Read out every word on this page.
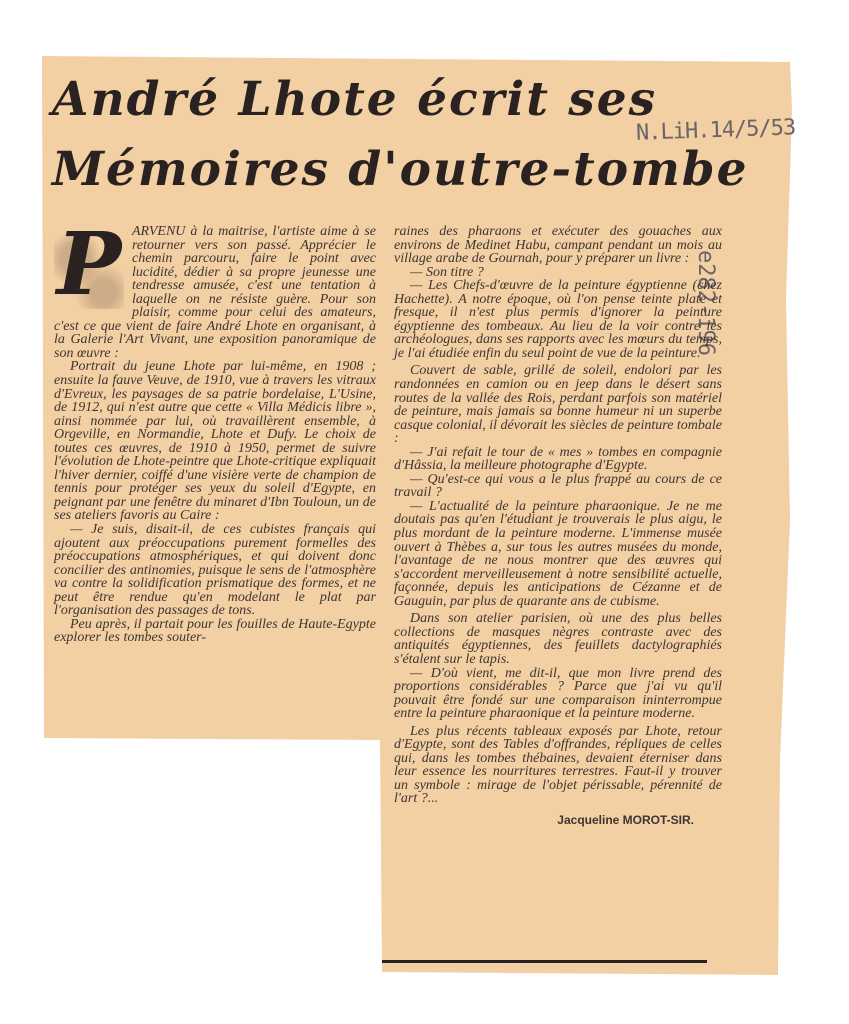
André Lhote écrit ses
Mémoires d'outre-tombe
N.LiH.14/5/53
e282-196
P ARVENU à la maitrise, l'artiste aime à se retourner vers son passé. Apprécier le chemin parcouru, faire le point avec lucidité, dédier à sa propre jeunesse une tendresse amusée, c'est une tentation à laquelle on ne résiste guère. Pour son plaisir, comme pour celui des amateurs, c'est ce que vient de faire André Lhote en organisant, à la Galerie l'Art Vivant, une exposition panoramique de son œuvre :

Portrait du jeune Lhote par lui-même, en 1908 ; ensuite la fauve Veuve, de 1910, vue à travers les vitraux d'Evreux, les paysages de sa patrie bordelaise, L'Usine, de 1912, qui n'est autre que cette « Villa Médicis libre », ainsi nommée par lui, où travaillèrent ensemble, à Orgeville, en Normandie, Lhote et Dufy. Le choix de toutes ces œuvres, de 1910 à 1950, permet de suivre l'évolution de Lhote-peintre que Lhote-critique expliquait l'hiver dernier, coiffé d'une visière verte de champion de tennis pour protéger ses yeux du soleil d'Egypte, en peignant par une fenêtre du minaret d'Ibn Touloun, un de ses ateliers favoris au Caire :

— Je suis, disait-il, de ces cubistes français qui ajoutent aux préoccupations purement formelles des préoccupations atmosphériques, et qui doivent donc concilier des antinomies, puisque le sens de l'atmosphère va contre la solidification prismatique des formes, et ne peut être rendue qu'en modelant le plat par l'organisation des passages de tons.

Peu après, il partait pour les fouilles de Haute-Egypte explorer les tombes souter-

raines des pharaons et exécuter des gouaches aux environs de Medinet Habu, campant pendant un mois au village arabe de Gournah, pour y préparer un livre :

— Son titre ?

— Les Chefs-d'œuvre de la peinture égyptienne (chez Hachette). A notre époque, où l'on pense teinte plate et fresque, il n'est plus permis d'ignorer la peinture égyptienne des tombeaux. Au lieu de la voir contre les archéologues, dans ses rapports avec les mœurs du temps, je l'ai étudiée enfin du seul point de vue de la peinture.

Couvert de sable, grillé de soleil, endolori par les randonnées en camion ou en jeep dans le désert sans routes de la vallée des Rois, perdant parfois son matériel de peinture, mais jamais sa bonne humeur ni un superbe casque colonial, il dévorait les siècles de peinture tombale :

— J'ai refait le tour de « mes » tombes en compagnie d'Hâssia, la meilleure photographe d'Egypte.

— Qu'est-ce qui vous a le plus frappé au cours de ce travail ?

— L'actualité de la peinture pharaonique. Je ne me doutais pas qu'en l'étudiant je trouverais le plus aigu, le plus mordant de la peinture moderne. L'immense musée ouvert à Thèbes a, sur tous les autres musées du monde, l'avantage de ne nous montrer que des œuvres qui s'accordent merveilleusement à notre sensibilité actuelle, façonnée, depuis les anticipations de Cézanne et de Gauguin, par plus de quarante ans de cubisme.

Dans son atelier parisien, où une des plus belles collections de masques nègres contraste avec des antiquités égyptiennes, des feuillets dactylographiés s'étalent sur le tapis.

— D'où vient, me dit-il, que mon livre prend des proportions considérables ? Parce que j'ai vu qu'il pouvait être fondé sur une comparaison ininterrompue entre la peinture pharaonique et la peinture moderne.

Les plus récents tableaux exposés par Lhote, retour d'Egypte, sont des Tables d'offrandes, répliques de celles qui, dans les tombes thébaines, devaient éterniser dans leur essence les nourritures terrestres. Faut-il y trouver un symbole : mirage de l'objet périssable, pérennité de l'art ?...

Jacqueline MOROT-SIR.
